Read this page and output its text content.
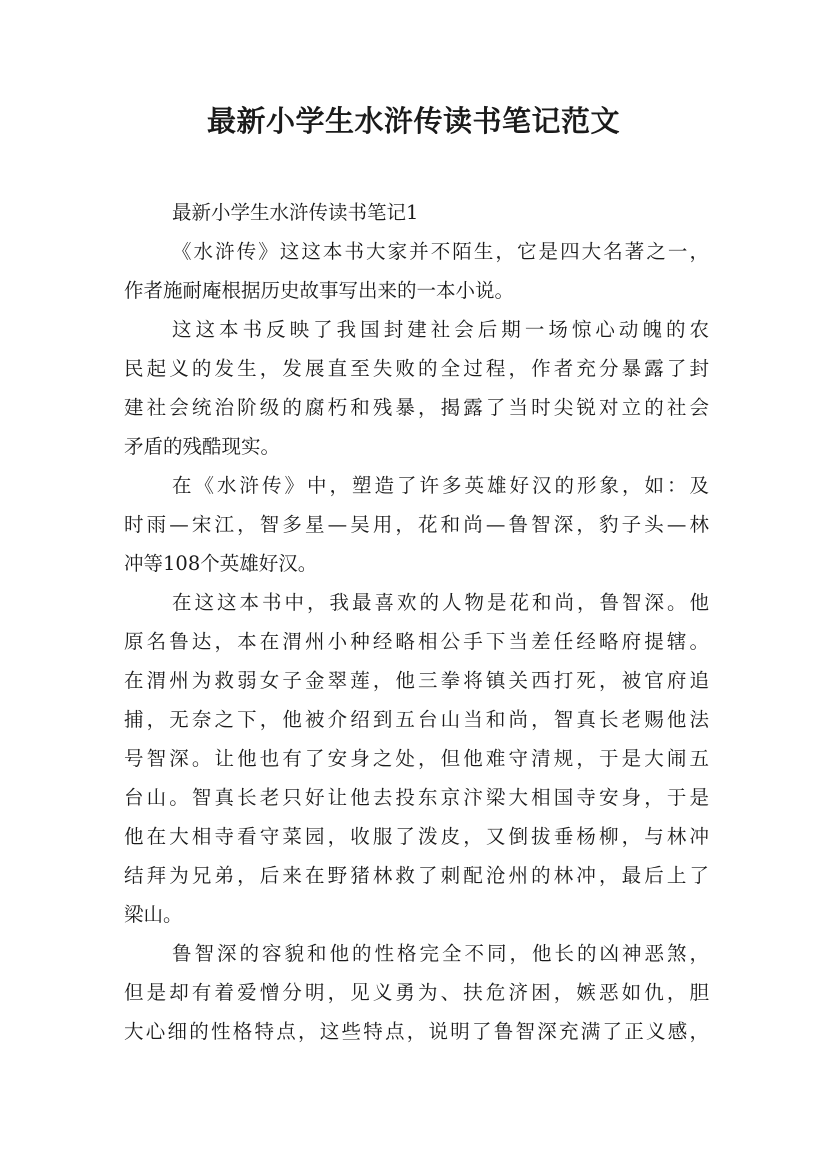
最新小学生水浒传读书笔记范文
最新小学生水浒传读书笔记1
《水浒传》这这本书大家并不陌生，它是四大名著之一，
作者施耐庵根据历史故事写出来的一本小说。
这这本书反映了我国封建社会后期一场惊心动魄的农
民起义的发生，发展直至失败的全过程，作者充分暴露了封
建社会统治阶级的腐朽和残暴，揭露了当时尖锐对立的社会
矛盾的残酷现实。
在《水浒传》中，塑造了许多英雄好汉的形象，如：及
时雨—宋江，智多星—吴用，花和尚—鲁智深，豹子头—林
冲等108个英雄好汉。
在这这本书中，我最喜欢的人物是花和尚，鲁智深。他
原名鲁达，本在渭州小种经略相公手下当差任经略府提辖。
在渭州为救弱女子金翠莲，他三拳将镇关西打死，被官府追
捕，无奈之下，他被介绍到五台山当和尚，智真长老赐他法
号智深。让他也有了安身之处，但他难守清规，于是大闹五
台山。智真长老只好让他去投东京汴梁大相国寺安身，于是
他在大相寺看守菜园，收服了泼皮，又倒拔垂杨柳，与林冲
结拜为兄弟，后来在野猪林救了刺配沧州的林冲，最后上了
梁山。
鲁智深的容貌和他的性格完全不同，他长的凶神恶煞，
但是却有着爱憎分明，见义勇为、扶危济困，嫉恶如仇，胆
大心细的性格特点，这些特点，说明了鲁智深充满了正义感，
